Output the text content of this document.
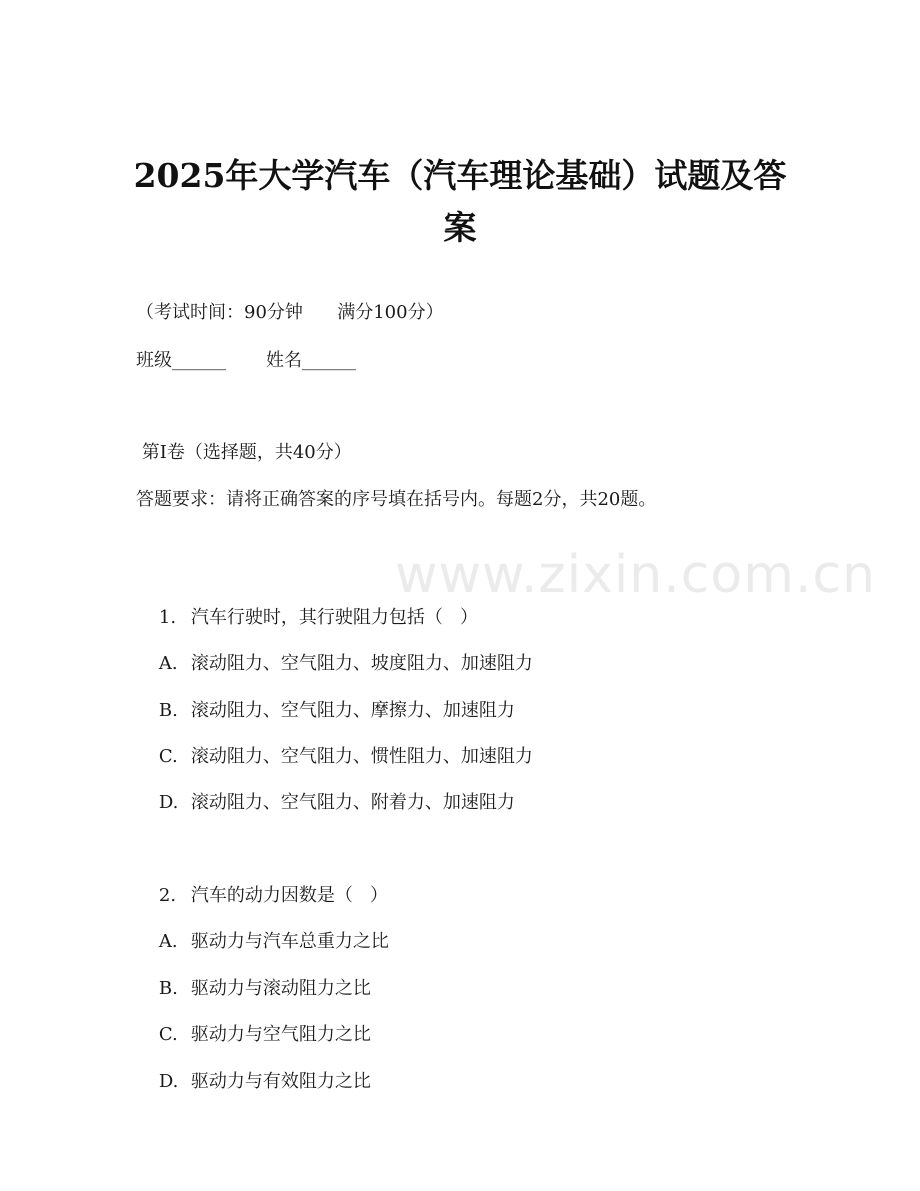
www.zixin.com.cn
2025年大学汽车（汽车理论基础）试题及答
案
（考试时间：90分钟      满分100分）
班级______       姓名______
第I卷（选择题，共40分）
答题要求：请将正确答案的序号填在括号内。每题2分，共20题。

1. 汽车行驶时，其行驶阻力包括（   ）

A. 滚动阻力、空气阻力、坡度阻力、加速阻力

B. 滚动阻力、空气阻力、摩擦力、加速阻力

C. 滚动阻力、空气阻力、惯性阻力、加速阻力

D. 滚动阻力、空气阻力、附着力、加速阻力

2. 汽车的动力因数是（   ）

A. 驱动力与汽车总重力之比

B. 驱动力与滚动阻力之比

C. 驱动力与空气阻力之比

D. 驱动力与有效阻力之比
